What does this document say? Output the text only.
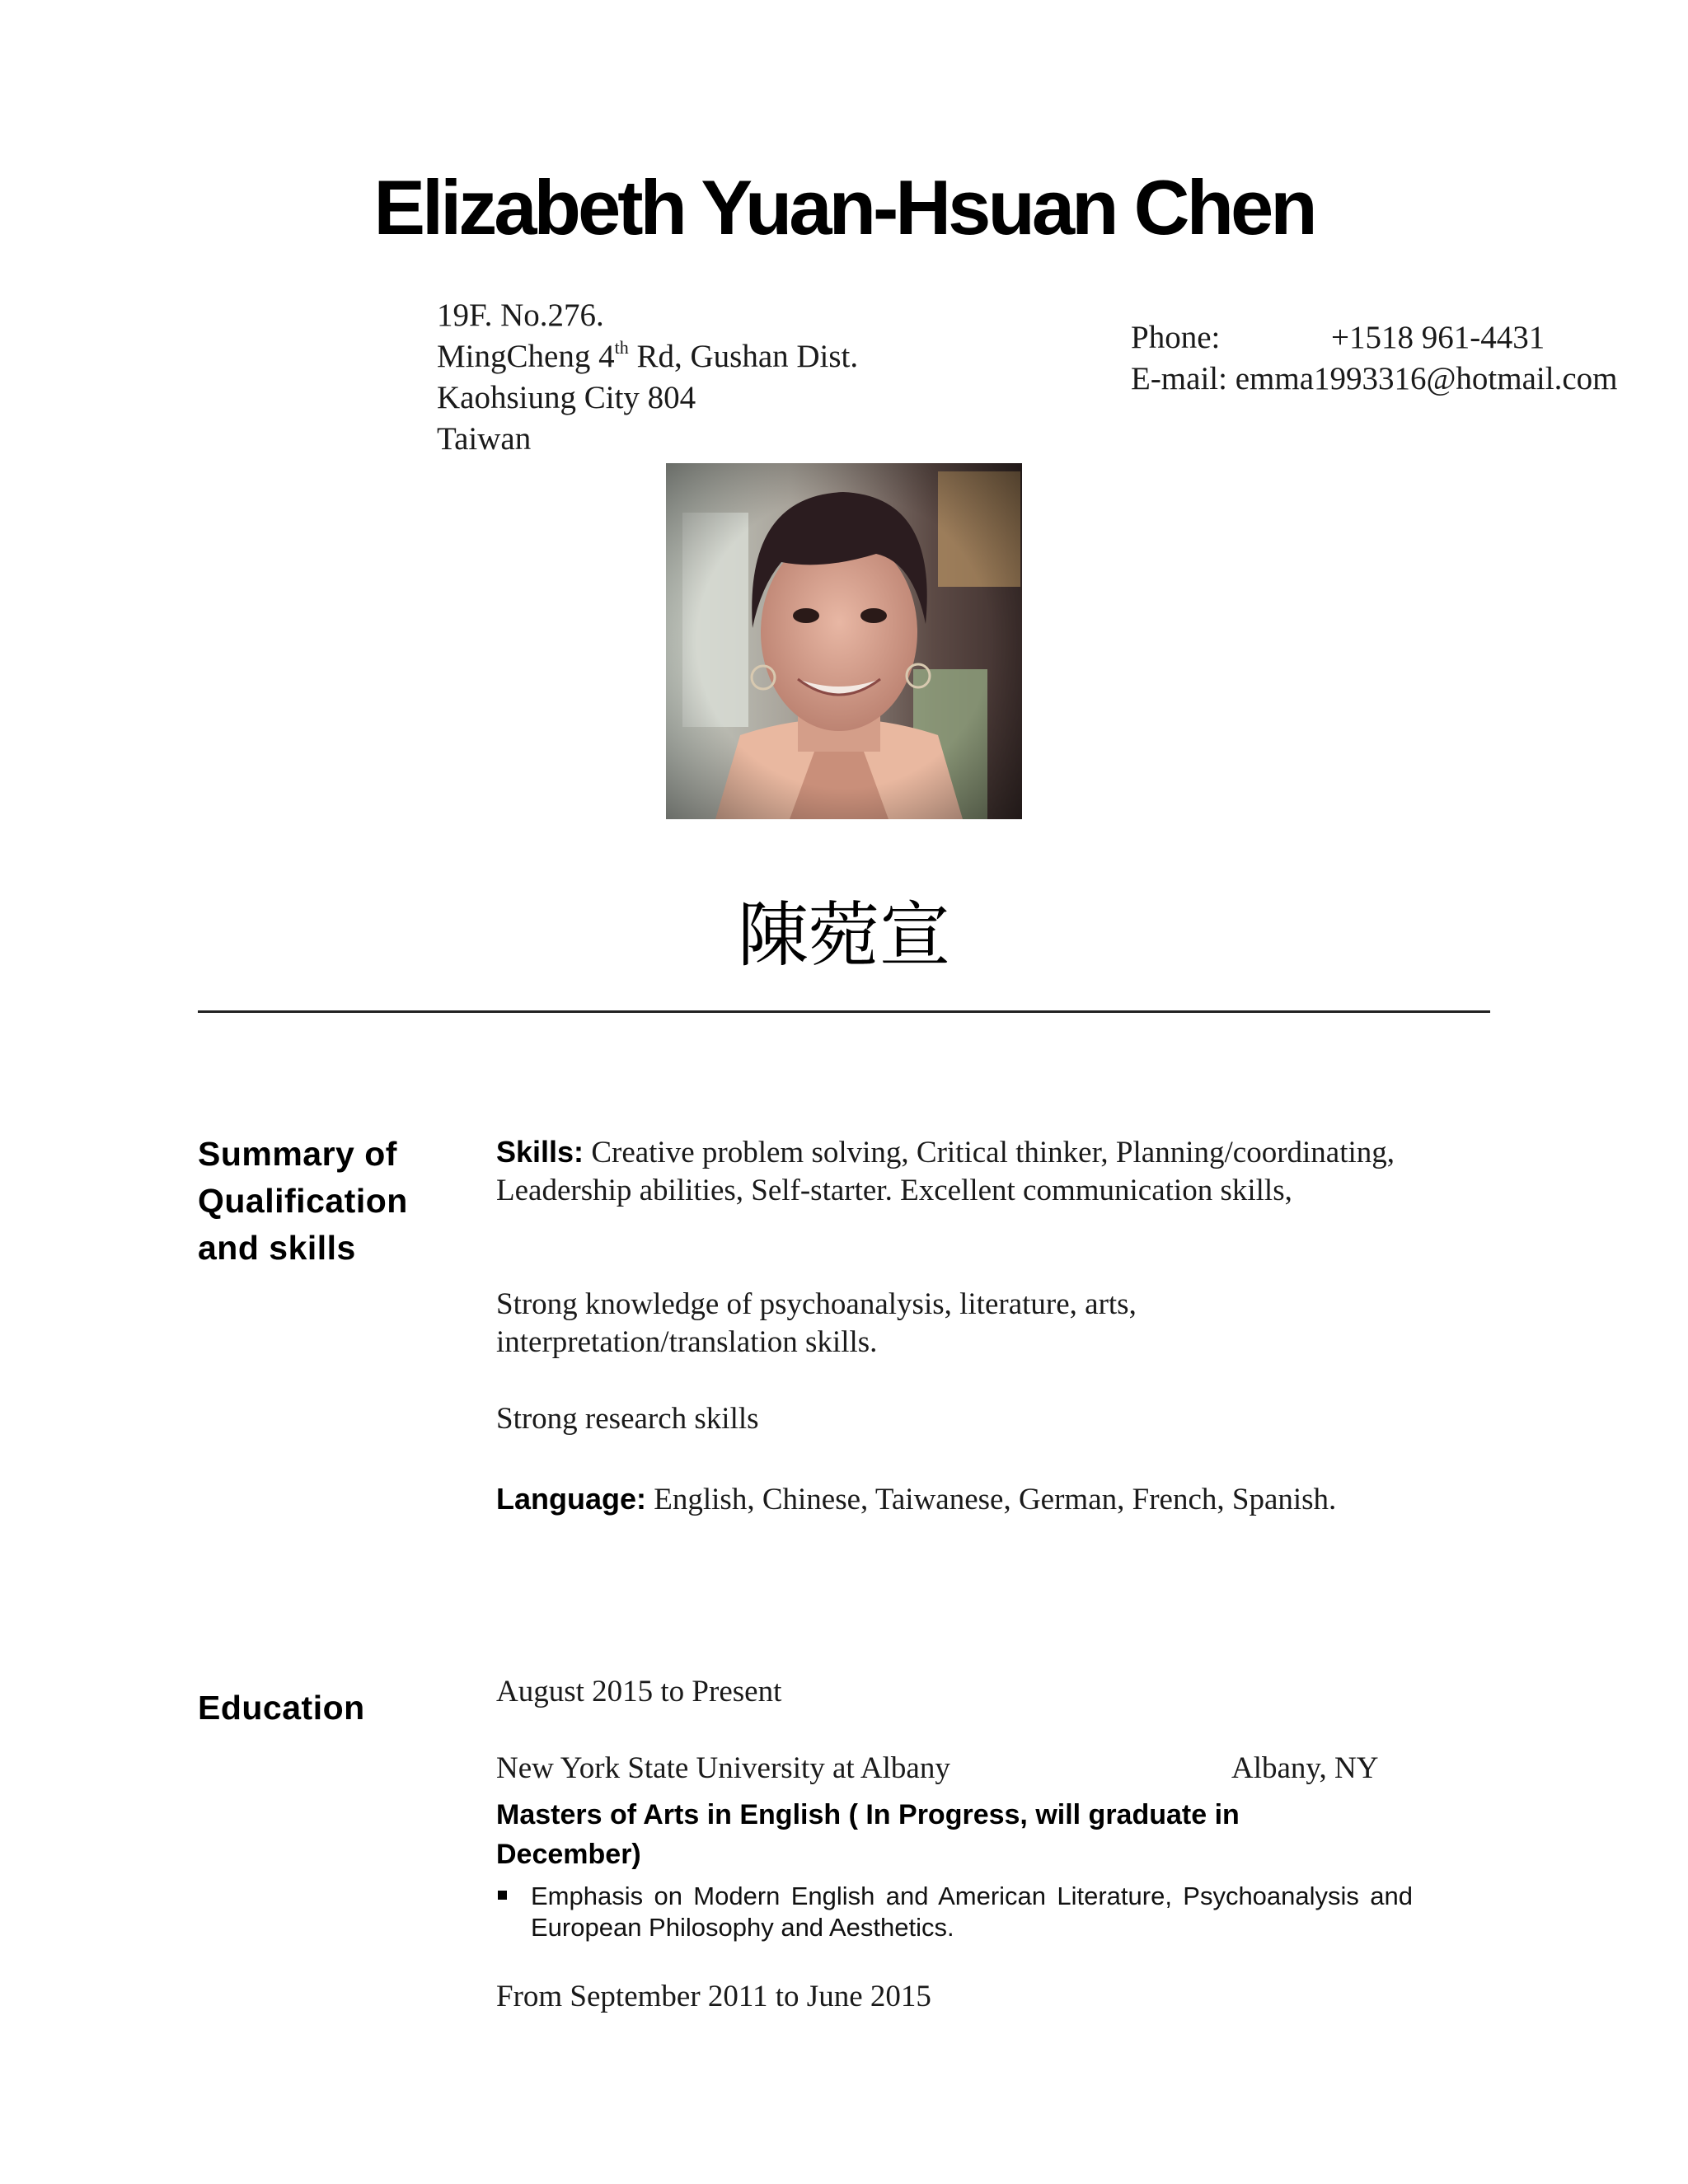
Elizabeth Yuan-Hsuan Chen
19F. No.276.
MingCheng 4th Rd, Gushan Dist.
Kaohsiung City 804
Taiwan
Phone:	+1518 961-4431
E-mail: emma1993316@hotmail.com
陳菀宣
Summary of
Qualification
and skills
Skills: Creative problem solving, Critical thinker, Planning/coordinating, Leadership abilities, Self-starter. Excellent communication skills,
Strong knowledge of psychoanalysis, literature, arts, interpretation/translation skills.
Strong research skills
Language: English, Chinese, Taiwanese, German, French, Spanish.
Education	August 2015 to Present
New York State University at Albany	Albany, NY
Masters of Arts in English ( In Progress, will graduate in December)
Emphasis on Modern English and American Literature, Psychoanalysis and European Philosophy and Aesthetics.
From September 2011 to June 2015
